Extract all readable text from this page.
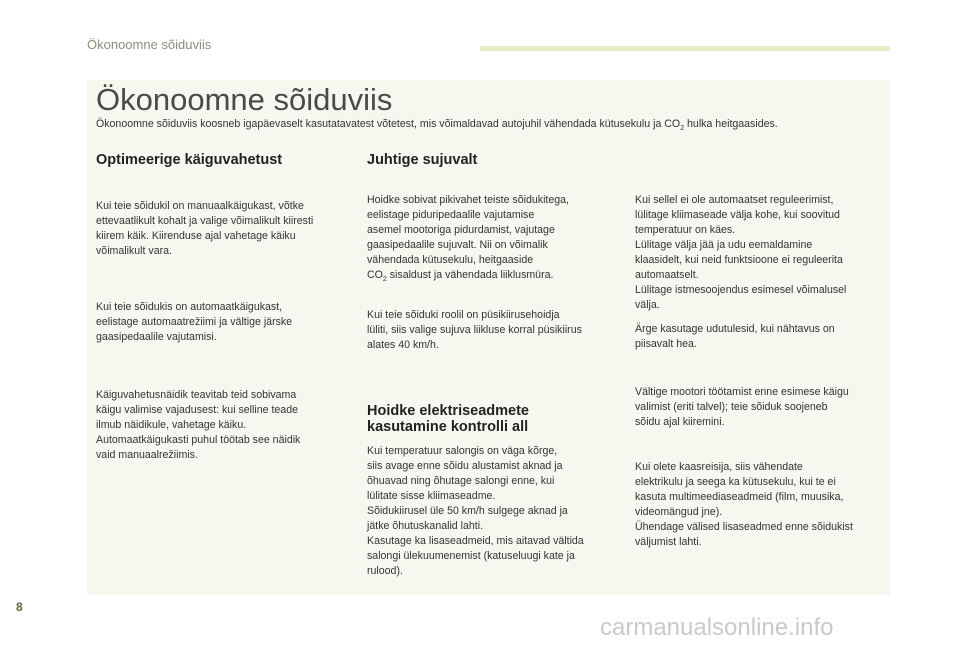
Ökonoomne sõiduviis
Ökonoomne sõiduviis
Ökonoomne sõiduviis koosneb igapäevaselt kasutatavatest võtetest, mis võimaldavad autojuhil vähendada kütusekulu ja $CO_2$ hulka heitgaasides.
Optimeerige käiguvahetust

Kui teie sõidukil on manuaalkäigukast, võtke
ettevaatlikult kohalt ja valige võimalikult kiiresti
kiirem käik. Kiirenduse ajal vahetage käiku
võimalikult vara.

Kui teie sõidukis on automaatkäigukast,
eelistage automaatrežiimi ja vältige järske
gaasipedaalile vajutamisi.

Käiguvahetusnäidik teavitab teid sobivama
käigu valimise vajadusest: kui selline teade
ilmub näidikule, vahetage käiku.
Automaatkäigukasti puhul töötab see näidik
vaid manuaalrežiimis.

Juhtige sujuvalt

Hoidke sobivat pikivahet teiste sõidukitega,
eelistage piduripedaalile vajutamise
asemel mootoriga pidurdamist, vajutage
gaasipedaalile sujuvalt. Nii on võimalik
vähendada kütusekulu, heitgaaside
$CO_2$ sisaldust ja vähendada liiklusmüra.

Kui teie sõiduki roolil on püsikiirusehoidja
lüliti, siis valige sujuva liikluse korral püsikiirus
alates 40 km/h.

Hoidke elektriseadmete
kasutamine kontrolli all

Kui temperatuur salongis on väga kõrge,
siis avage enne sõidu alustamist aknad ja
õhuavad ning õhutage salongi enne, kui
lülitate sisse kliimaseadme.
Sõidukiirusel üle 50 km/h sulgege aknad ja
jätke õhutuskanalid lahti.
Kasutage ka lisaseadmeid, mis aitavad vältida
salongi ülekuumenemist (katuseluugi kate ja
rulood).

Kui sellel ei ole automaatset reguleerimist,
lülitage kliimaseade välja kohe, kui soovitud
temperatuur on käes.
Lülitage välja jää ja udu eemaldamine
klaasidelt, kui neid funktsioone ei reguleerita
automaatselt.
Lülitage istmesoojendus esimesel võimalusel
välja.

Ärge kasutage udutulesid, kui nähtavus on
piisavalt hea.

Vältige mootori töötamist enne esimese käigu
valimist (eriti talvel); teie sõiduk soojeneb
sõidu ajal kiiremini.

Kui olete kaasreisija, siis vähendate
elektrikulu ja seega ka kütusekulu, kui te ei
kasuta multimeediaseadmeid (film, muusika,
videomängud jne).
Ühendage välised lisaseadmed enne sõidukist
väljumist lahti.

8
carmanualsonline.info
